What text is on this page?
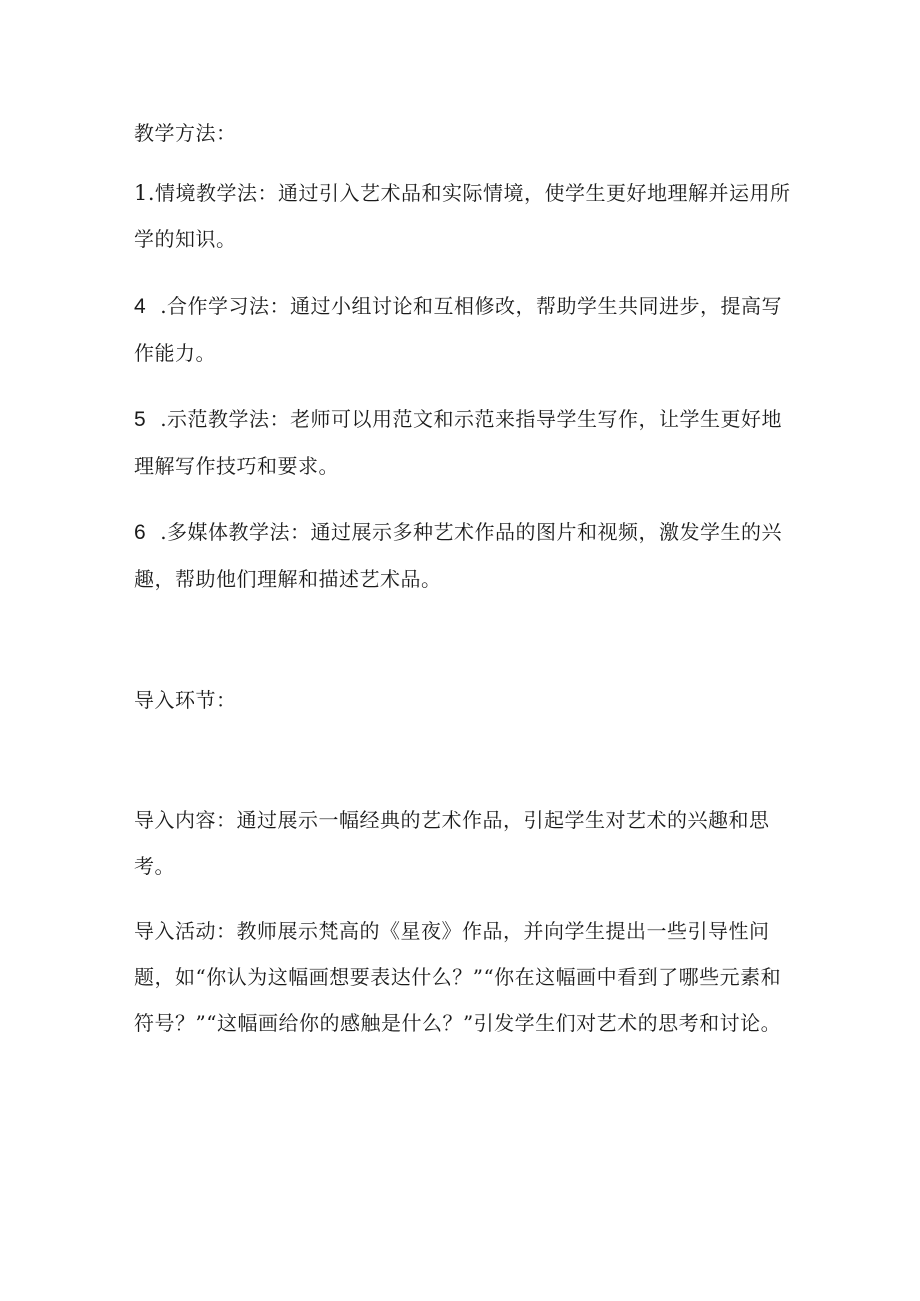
教学方法：

1.情境教学法：通过引入艺术品和实际情境，使学生更好地理解并运用所学的知识。

4 .合作学习法：通过小组讨论和互相修改，帮助学生共同进步，提高写作能力。

5 .示范教学法：老师可以用范文和示范来指导学生写作，让学生更好地理解写作技巧和要求。

6 .多媒体教学法：通过展示多种艺术作品的图片和视频，激发学生的兴趣，帮助他们理解和描述艺术品。

导入环节：

导入内容：通过展示一幅经典的艺术作品，引起学生对艺术的兴趣和思考。

导入活动：教师展示梵高的《星夜》作品，并向学生提出一些引导性问题，如“你认为这幅画想要表达什么？”“你在这幅画中看到了哪些元素和符号？”“这幅画给你的感触是什么？”引发学生们对艺术的思考和讨论。
